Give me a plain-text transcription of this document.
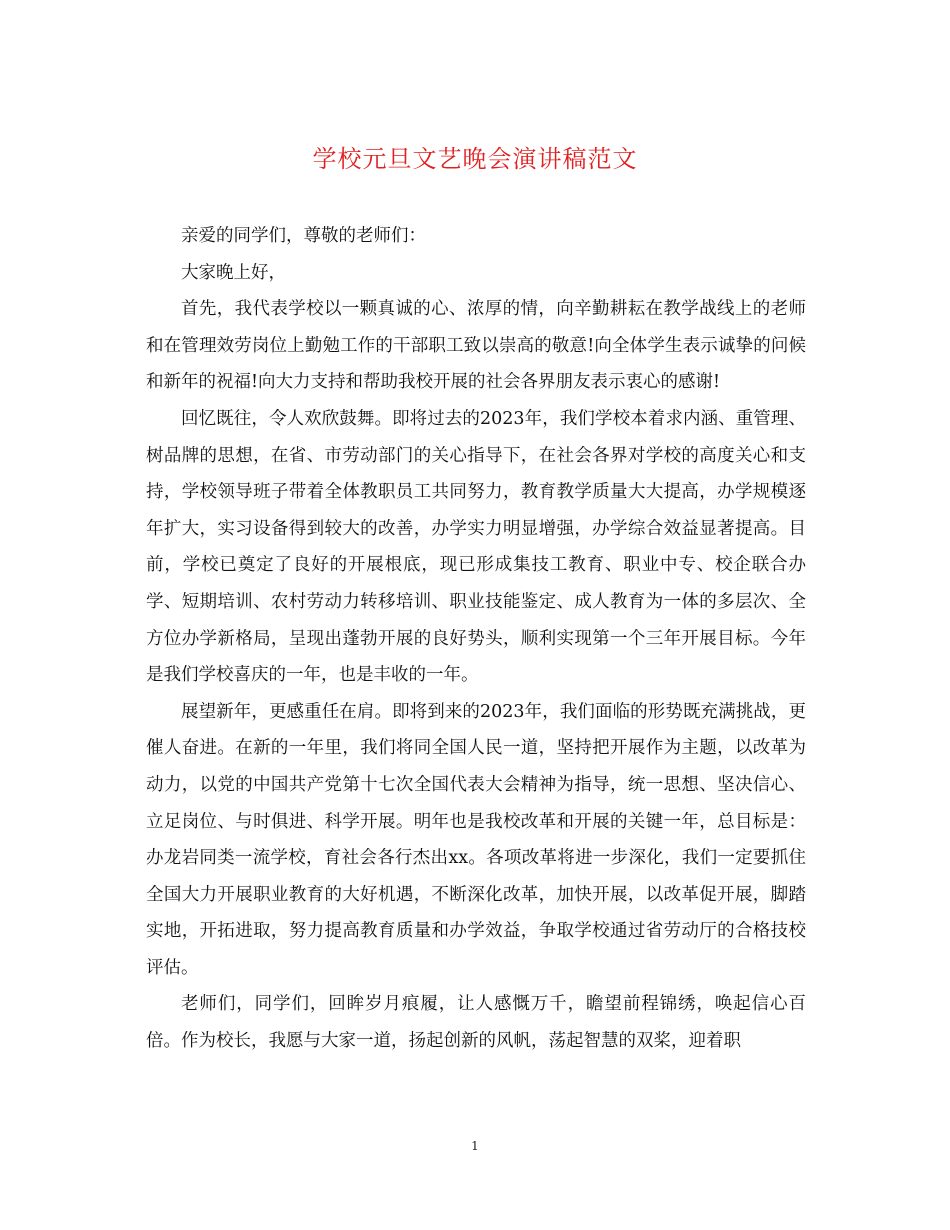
学校元旦文艺晚会演讲稿范文

亲爱的同学们，尊敬的老师们：

大家晚上好，

首先，我代表学校以一颗真诚的心、浓厚的情，向辛勤耕耘在教学战线上的老师和在管理效劳岗位上勤勉工作的干部职工致以崇高的敬意!向全体学生表示诚挚的问候和新年的祝福!向大力支持和帮助我校开展的社会各界朋友表示衷心的感谢!

回忆既往，令人欢欣鼓舞。即将过去的2023年，我们学校本着求内涵、重管理、树品牌的思想，在省、市劳动部门的关心指导下，在社会各界对学校的高度关心和支持，学校领导班子带着全体教职员工共同努力，教育教学质量大大提高，办学规模逐年扩大，实习设备得到较大的改善，办学实力明显增强，办学综合效益显著提高。目前，学校已奠定了良好的开展根底，现已形成集技工教育、职业中专、校企联合办学、短期培训、农村劳动力转移培训、职业技能鉴定、成人教育为一体的多层次、全方位办学新格局，呈现出蓬勃开展的良好势头，顺利实现第一个三年开展目标。今年是我们学校喜庆的一年，也是丰收的一年。

展望新年，更感重任在肩。即将到来的2023年，我们面临的形势既充满挑战，更催人奋进。在新的一年里，我们将同全国人民一道，坚持把开展作为主题，以改革为动力，以党的中国共产党第十七次全国代表大会精神为指导，统一思想、坚决信心、立足岗位、与时俱进、科学开展。明年也是我校改革和开展的关键一年，总目标是：办龙岩同类一流学校，育社会各行杰出xx。各项改革将进一步深化，我们一定要抓住全国大力开展职业教育的大好机遇，不断深化改革，加快开展，以改革促开展，脚踏实地，开拓进取，努力提高教育质量和办学效益，争取学校通过省劳动厅的合格技校评估。

老师们，同学们，回眸岁月痕履，让人感慨万千，瞻望前程锦绣，唤起信心百倍。作为校长，我愿与大家一道，扬起创新的风帆，荡起智慧的双桨，迎着职

1
